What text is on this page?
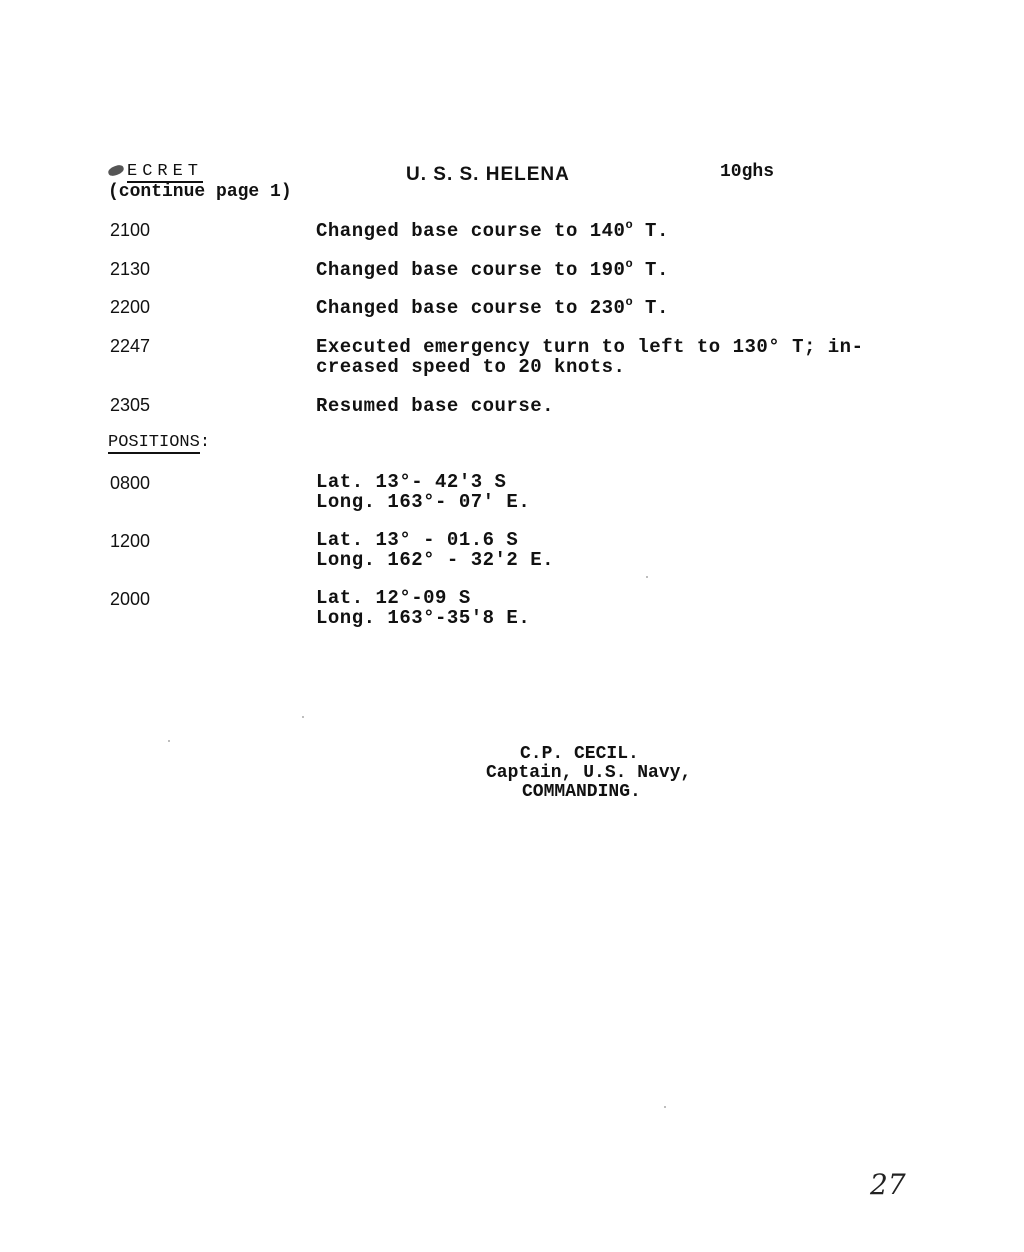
ECRET
(continue page 1)
U. S. S. HELENA	10ghs
2100	Changed base course to 140$^o$ T.
2130	Changed base course to 190$^o$ T.
2200	Changed base course to 230$^o$ T.
2247	Executed emergency turn to left to 130° T; in-
creased speed to 20 knots.
2305	Resumed base course.
POSITIONS:
0800	Lat. 13°- 42'3 S
Long. 163°- 07' E.
1200	Lat. 13° - 01.6 S
Long. 162° - 32'2 E.
2000	Lat. 12°-09 S
Long. 163°-35'8 E.
C.P. CECIL.
Captain, U.S. Navy,
COMMANDING.
27
